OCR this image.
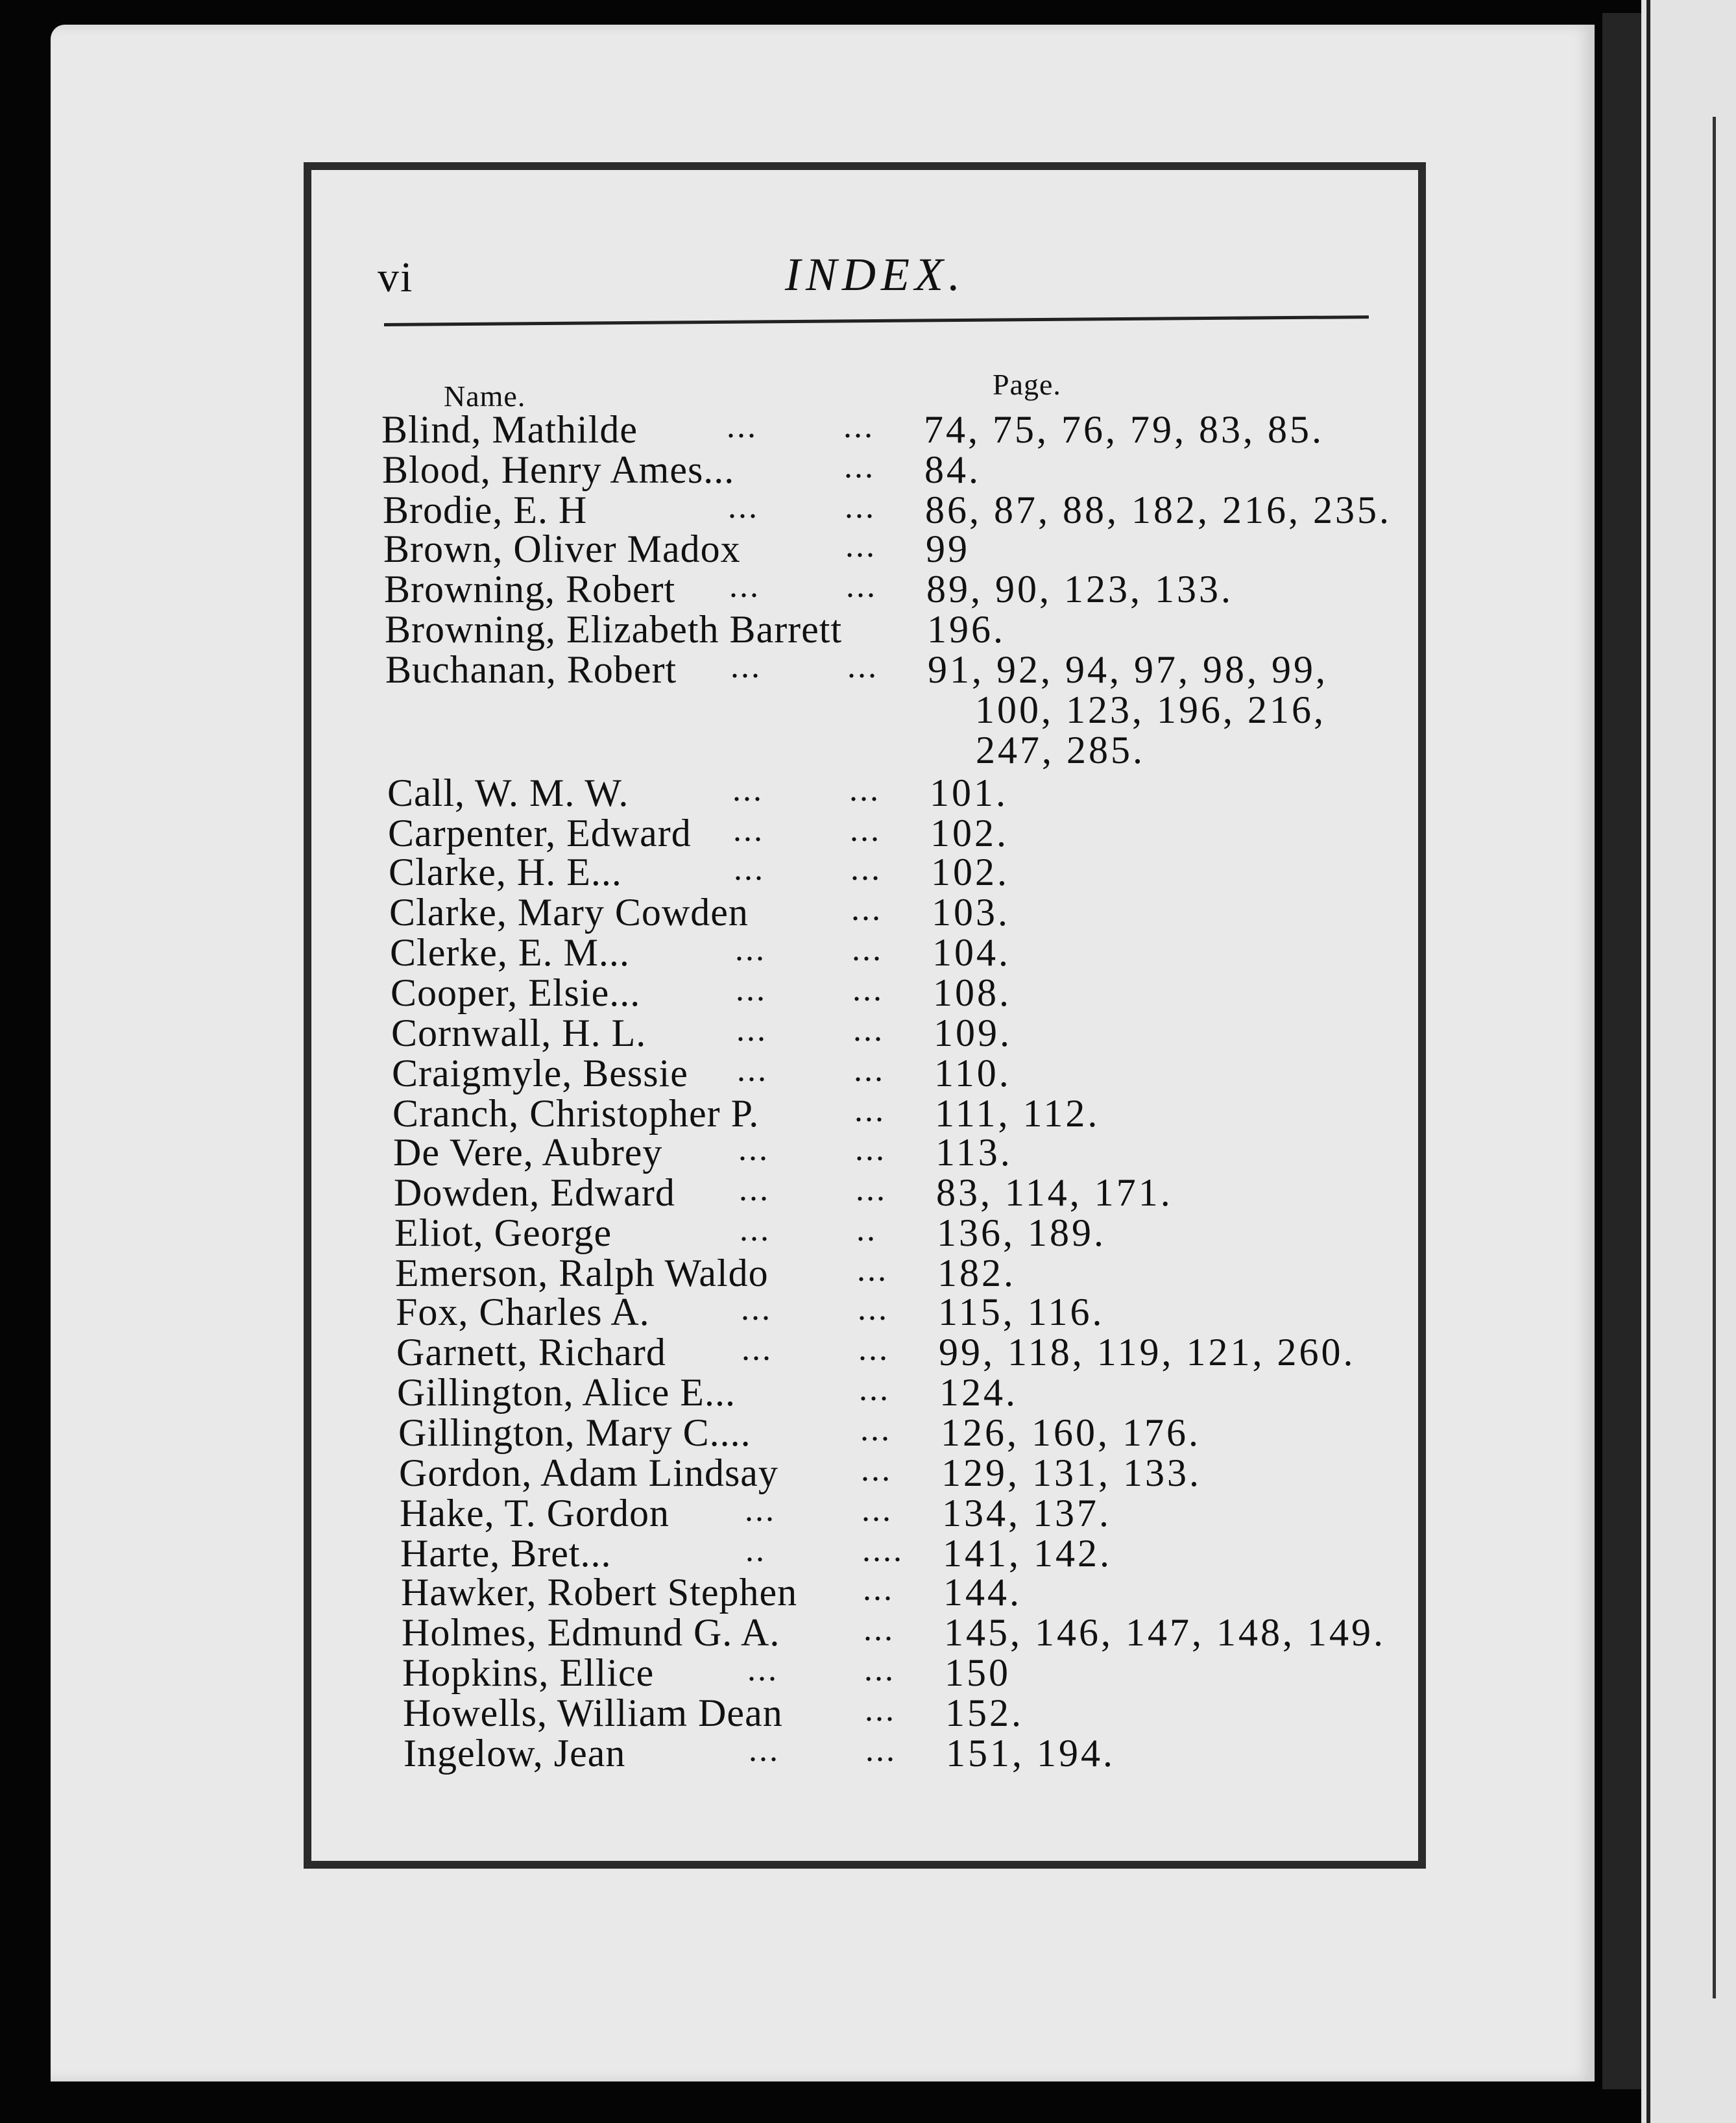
vi	INDEX.
Name.	Page.
Blind, Mathilde	...	... 74, 75, 76, 79, 83, 85.
Blood, Henry Ames...	... 84.
Brodie, E. H	...	... 86, 87, 88, 182, 216, 235.
Brown, Oliver Madox	... 99
Browning, Robert ...	... 89, 90, 123, 133.
Browning, Elizabeth Barrett 196.
Buchanan, Robert ...	... 91, 92, 94, 97, 98, 99,
100, 123, 196, 216,
247, 285.
Call, W. M. W.	...	... 101.
Carpenter, Edward ...	... 102.
Clarke, H. E...	...	... 102.
Clarke, Mary Cowden	... 103.
Clerke, E. M...	...	... 104.
Cooper, Elsie...	...	... 108.
Cornwall, H. L.	...	... 109.
Craigmyle, Bessie ...	... 110.
Cranch, Christopher P.	... 111, 112.
De Vere, Aubrey ...	... 113.
Dowden, Edward ...	... 83, 114, 171.
Eliot, George	...	.. 136, 189.
Emerson, Ralph Waldo	... 182.
Fox, Charles A.	...	... 115, 116.
Garnett, Richard ...	... 99, 118, 119, 121, 260.
Gillington, Alice E...	... 124.
Gillington, Mary C....	... 126, 160, 176.
Gordon, Adam Lindsay ... 129, 131, 133.
Hake, T. Gordon ...	... 134, 137.
Harte, Bret...	..	.... 141, 142.
Hawker, Robert Stephen ... 144.
Holmes, Edmund G. A. ... 145, 146, 147, 148, 149.
Hopkins, Ellice	...	... 150
Howells, William Dean ... 152.
Ingelow, Jean	...	... 151, 194.
